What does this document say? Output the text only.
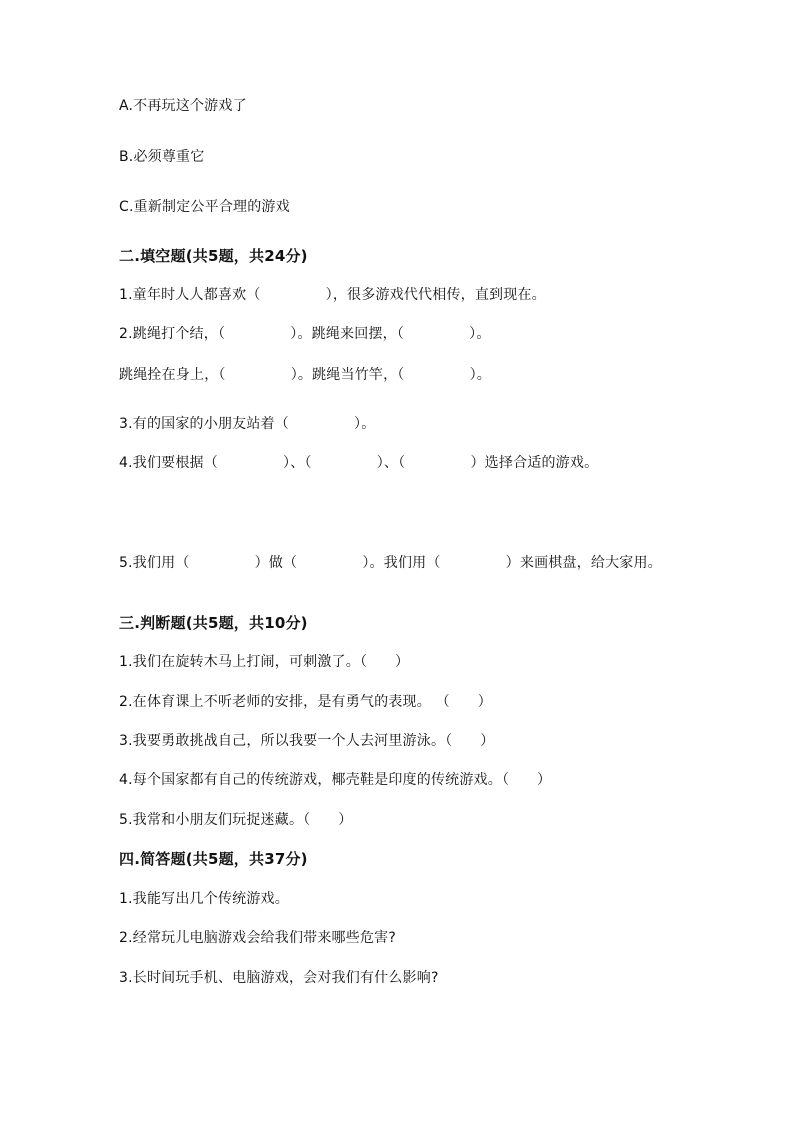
A.不再玩这个游戏了
B.必须尊重它
C.重新制定公平合理的游戏
二.填空题(共5题，共24分)
1.童年时人人都喜欢（              ），很多游戏代代相传，直到现在。
2.跳绳打个结，（              ）。跳绳来回摆，（              ）。
跳绳拴在身上，（              ）。跳绳当竹竿，（              ）。
3.有的国家的小朋友站着（              ）。
4.我们要根据（              ）、（              ）、（              ）选择合适的游戏。
5.我们用（              ）做（              ）。我们用（              ）来画棋盘，给大家用。
三.判断题(共5题，共10分)
1.我们在旋转木马上打闹，可刺激了。（      ）
2.在体育课上不听老师的安排，是有勇气的表现。 （      ）
3.我要勇敢挑战自己，所以我要一个人去河里游泳。（      ）
4.每个国家都有自己的传统游戏，椰壳鞋是印度的传统游戏。（      ）
5.我常和小朋友们玩捉迷藏。（      ）
四.简答题(共5题，共37分)
1.我能写出几个传统游戏。
2.经常玩儿电脑游戏会给我们带来哪些危害?
3.长时间玩手机、电脑游戏，会对我们有什么影响?
